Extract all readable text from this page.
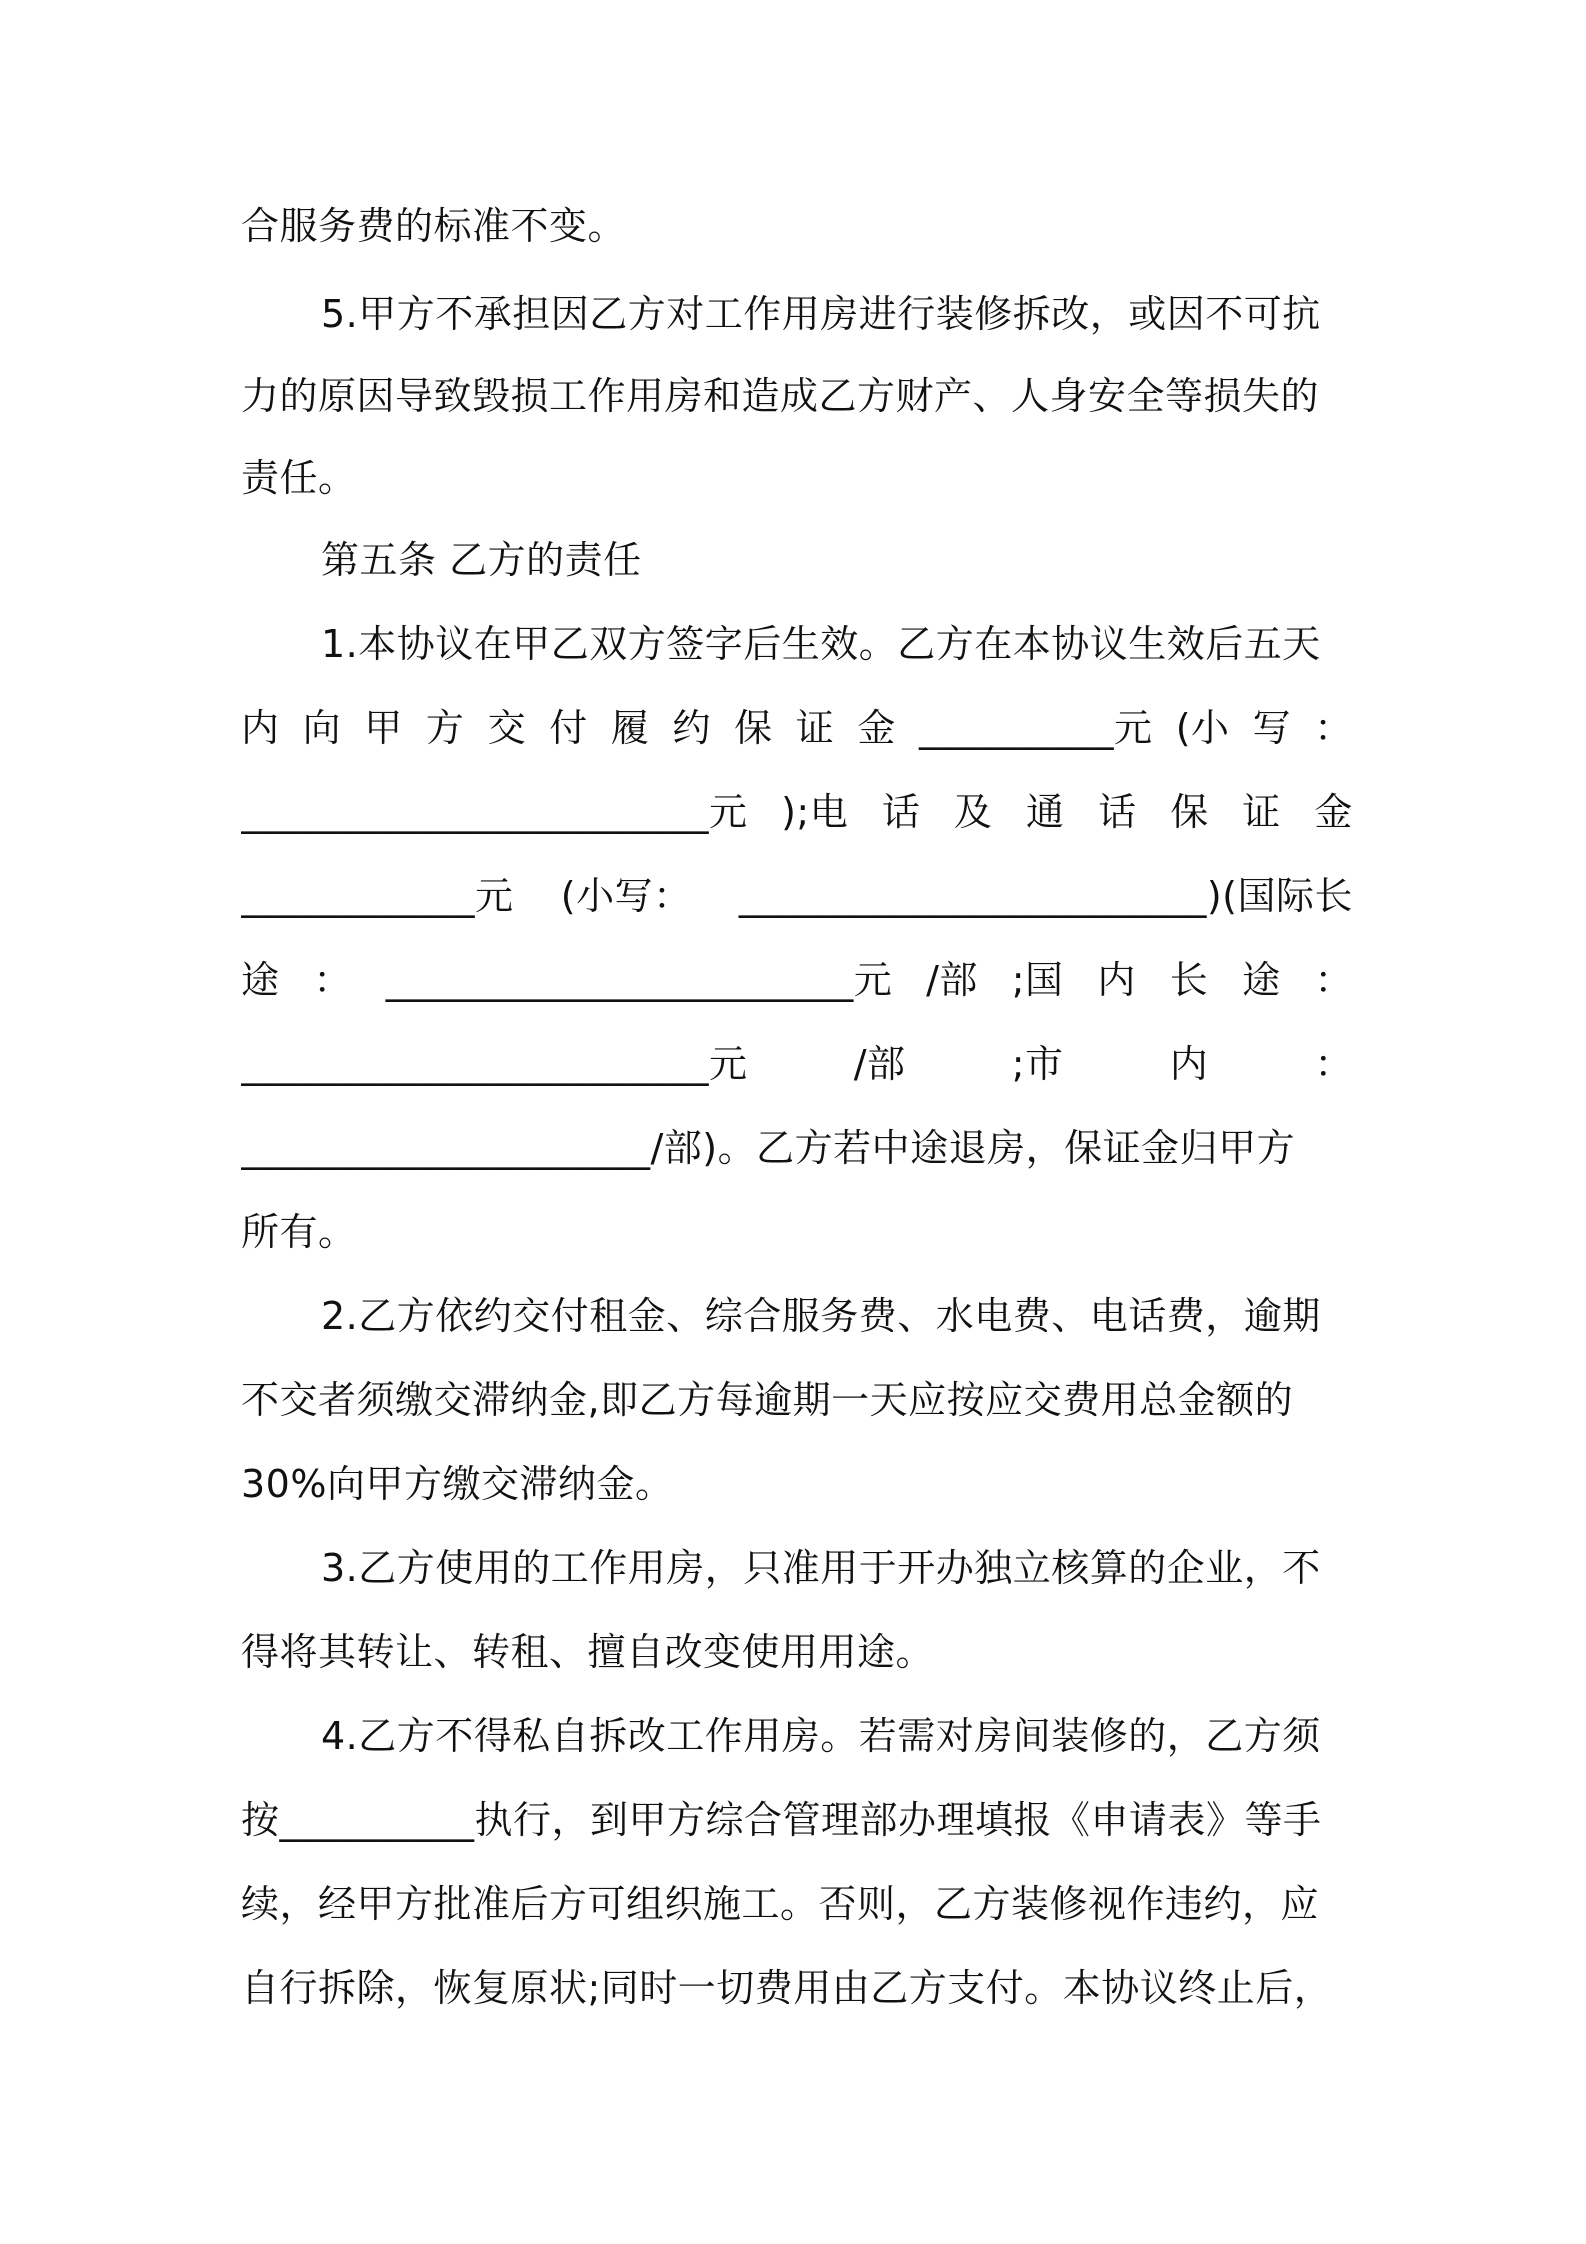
合服务费的标准不变。
5.甲方不承担因乙方对工作用房进行装修拆改，或因不可抗
力的原因导致毁损工作用房和造成乙方财产、人身安全等损失的
责任。
第五条 乙方的责任
1.本协议在甲乙双方签字后生效。乙方在本协议生效后五天
内 向 甲 方 交 付 履 约 保 证 金 __________元 (小 写 ：
________________________元 );电 话 及 通 话 保 证 金
____________元 (小写： ________________________)(国际长
途 ： ________________________元 /部 ;国 内 长 途 ：
________________________元	/部	;市	内	：
_____________________/部)。乙方若中途退房，保证金归甲方
所有。
2.乙方依约交付租金、综合服务费、水电费、电话费，逾期
不交者须缴交滞纳金,即乙方每逾期一天应按应交费用总金额的
30%向甲方缴交滞纳金。
3.乙方使用的工作用房，只准用于开办独立核算的企业，不
得将其转让、转租、擅自改变使用用途。
4.乙方不得私自拆改工作用房。若需对房间装修的，乙方须
按__________执行，到甲方综合管理部办理填报《申请表》等手
续，经甲方批准后方可组织施工。否则，乙方装修视作违约，应
自行拆除，恢复原状;同时一切费用由乙方支付。本协议终止后，
